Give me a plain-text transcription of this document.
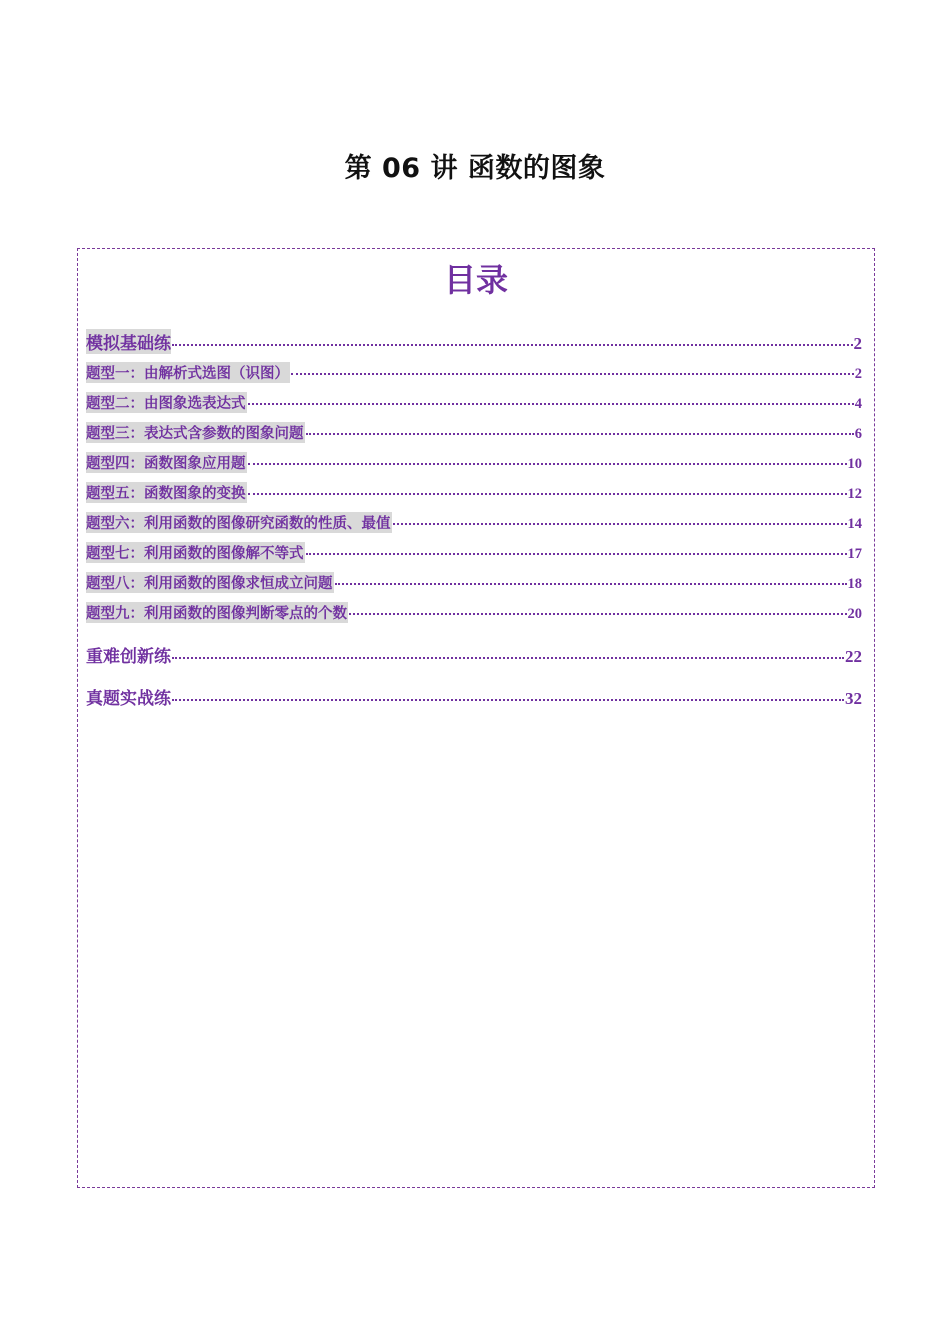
第 06 讲 函数的图象
目录
模拟基础练	2
题型一：由解析式选图（识图）	2
题型二：由图象选表达式	4
题型三：表达式含参数的图象问题	6
题型四：函数图象应用题	10
题型五：函数图象的变换	12
题型六：利用函数的图像研究函数的性质、最值	14
题型七：利用函数的图像解不等式	17
题型八：利用函数的图像求恒成立问题	18
题型九：利用函数的图像判断零点的个数	20
重难创新练	22
真题实战练	32
